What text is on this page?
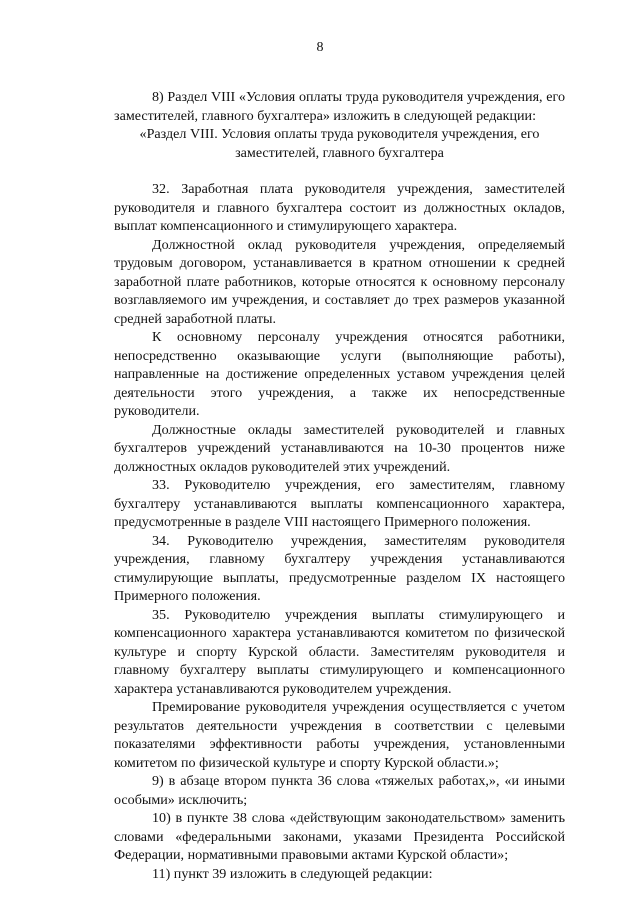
8

8) Раздел VIII «Условия оплаты труда руководителя учреждения, его заместителей, главного бухгалтера» изложить в следующей редакции:

«Раздел VIII. Условия оплаты труда руководителя учреждения, его заместителей, главного бухгалтера

32. Заработная плата руководителя учреждения, заместителей руководителя и главного бухгалтера состоит из должностных окладов, выплат компенсационного и стимулирующего характера.

Должностной оклад руководителя учреждения, определяемый трудовым договором, устанавливается в кратном отношении к средней заработной плате работников, которые относятся к основному персоналу возглавляемого им учреждения, и составляет до трех размеров указанной средней заработной платы.

К основному персоналу учреждения относятся работники, непосредственно оказывающие услуги (выполняющие работы), направленные на достижение определенных уставом учреждения целей деятельности этого учреждения, а также их непосредственные руководители.

Должностные оклады заместителей руководителей и главных бухгалтеров учреждений устанавливаются на 10-30 процентов ниже должностных окладов руководителей этих учреждений.

33. Руководителю учреждения, его заместителям, главному бухгалтеру устанавливаются выплаты компенсационного характера, предусмотренные в разделе VIII настоящего Примерного положения.

34. Руководителю учреждения, заместителям руководителя учреждения, главному бухгалтеру учреждения устанавливаются стимулирующие выплаты, предусмотренные разделом IX настоящего Примерного положения.

35. Руководителю учреждения выплаты стимулирующего и компенсационного характера устанавливаются комитетом по физической культуре и спорту Курской области. Заместителям руководителя и главному бухгалтеру выплаты стимулирующего и компенсационного характера устанавливаются руководителем учреждения.

Премирование руководителя учреждения осуществляется с учетом результатов деятельности учреждения в соответствии с целевыми показателями эффективности работы учреждения, установленными комитетом по физической культуре и спорту Курской области.»;

9) в абзаце втором пункта 36 слова «тяжелых работах,», «и иными особыми» исключить;

10) в пункте 38 слова «действующим законодательством» заменить словами «федеральными законами, указами Президента Российской Федерации, нормативными правовыми актами Курской области»;

11) пункт 39 изложить в следующей редакции:
